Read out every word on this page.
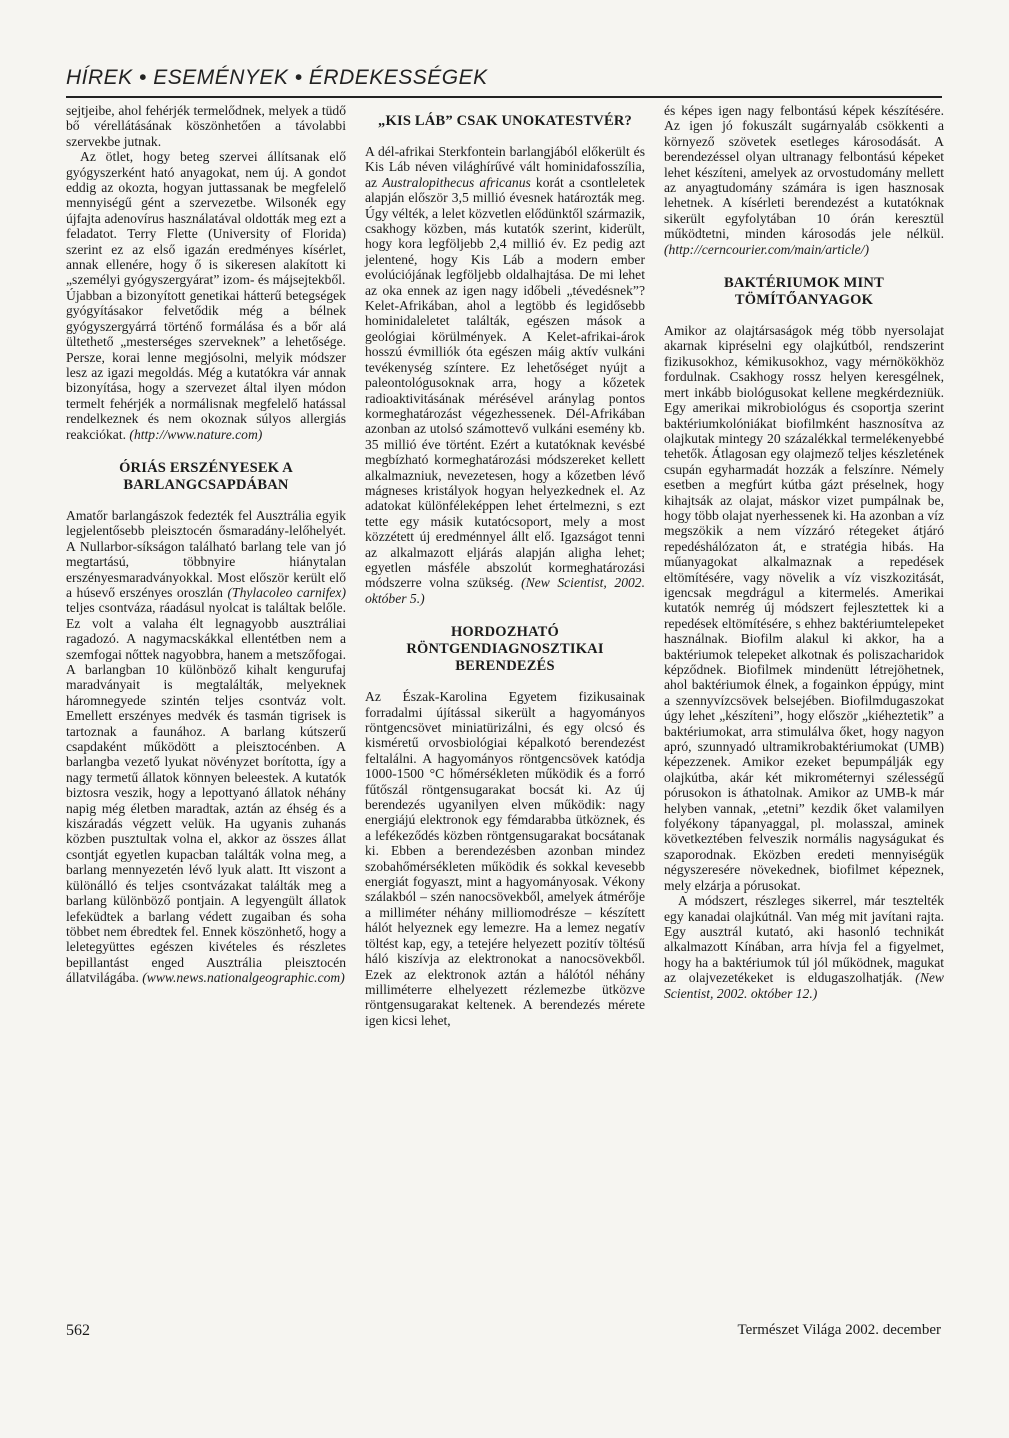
HÍREK • ESEMÉNYEK • ÉRDEKESSÉGEK

sejtjeibe, ahol fehérjék termelődnek, melyek a tüdő bő vérellátásának köszönhetően a távolabbi szervekbe jutnak.

Az ötlet, hogy beteg szervei állítsanak elő gyógyszerként ható anyagokat, nem új. A gondot eddig az okozta, hogyan juttassanak be megfelelő mennyiségű gént a szervezetbe. Wilsonék egy újfajta adenovírus használatával oldották meg ezt a feladatot. Terry Flette (University of Florida) szerint ez az első igazán eredményes kísérlet, annak ellenére, hogy ő is sikeresen alakított ki „személyi gyógyszergyárat” izom- és májsejtekből.

Újabban a bizonyított genetikai hátterű betegségek gyógyításakor felvetődik még a bélnek gyógyszergyárrá történő formálása és a bőr alá ültethető „mesterséges szerveknek” a lehetősége. Persze, korai lenne megjósolni, melyik módszer lesz az igazi megoldás. Még a kutatókra vár annak bizonyítása, hogy a szervezet által ilyen módon termelt fehérjék a normálisnak megfelelő hatással rendelkeznek és nem okoznak súlyos allergiás reakciókat. (http://www.nature.com)

ÓRIÁS ERSZÉNYESEK A BARLANGCSAPDÁBAN

Amatőr barlangászok fedezték fel Ausztrália egyik legjelentősebb pleisztocén ősmaradány-lelőhelyét. A Nullarbor-síkságon található barlang tele van jó megtartású, többnyire hiánytalan erszényesmaradványokkal. Most először került elő a húsevő erszényes oroszlán (Thylacoleo carnifex) teljes csontváza, ráadásul nyolcat is találtak belőle. Ez volt a valaha élt legnagyobb ausztráliai ragadozó. A nagymacskákkal ellentétben nem a szemfogai nőttek nagyobbra, hanem a metszőfogai. A barlangban 10 különböző kihalt kengurufaj maradványait is megtalálták, melyeknek háromnegyede szintén teljes csontváz volt. Emellett erszényes medvék és tasmán tigrisek is tartoznak a faunához. A barlang kútszerű csapdaként működött a pleisztocénben. A barlangba vezető lyukat növényzet borította, így a nagy termetű állatok könnyen beleestek. A kutatók biztosra veszik, hogy a lepottyanó állatok néhány napig még életben maradtak, aztán az éhség és a kiszáradás végzett velük. Ha ugyanis zuhanás közben pusztultak volna el, akkor az összes állat csontját egyetlen kupacban találták volna meg, a barlang mennyezetén lévő lyuk alatt. Itt viszont a különálló és teljes csontvázakat találták meg a barlang különböző pontjain. A legyengült állatok lefeküdtek a barlang védett zugaiban és soha többet nem ébredtek fel. Ennek köszönhető, hogy a leletegyüttes egészen kivételes és részletes bepillantást enged Ausztrália pleisztocén állatvilágába. (www.news.nationalgeographic.com)

„KIS LÁB” CSAK UNOKATESTVÉR?

A dél-afrikai Sterkfontein barlangjából előkerült és Kis Láb néven világhírűvé vált hominidafosszília, az Australopithecus africanus korát a csontleletek alapján először 3,5 millió évesnek határozták meg. Úgy vélték, a lelet közvetlen elődünktől származik, csakhogy közben, más kutatók szerint, kiderült, hogy kora legföljebb 2,4 millió év. Ez pedig azt jelentené, hogy Kis Láb a modern ember evolúciójának legföljebb oldalhajtása. De mi lehet az oka ennek az igen nagy időbeli „tévedésnek”? Kelet-Afrikában, ahol a legtöbb és legidősebb hominidaleletet találták, egészen mások a geológiai körülmények. A Kelet-afrikai-árok hosszú évmilliók óta egészen máig aktív vulkáni tevékenység színtere. Ez lehetőséget nyújt a paleontológusoknak arra, hogy a kőzetek radioaktivitásának mérésével aránylag pontos kormeghatározást végezhessenek. Dél-Afrikában azonban az utolsó számottevő vulkáni esemény kb. 35 millió éve történt. Ezért a kutatóknak kevésbé megbízható kormeghatározási módszereket kellett alkalmazniuk, nevezetesen, hogy a kőzetben lévő mágneses kristályok hogyan helyezkednek el. Az adatokat különféleképpen lehet értelmezni, s ezt tette egy másik kutatócsoport, mely a most közzétett új eredménnyel állt elő. Igazságot tenni az alkalmazott eljárás alapján aligha lehet; egyetlen másféle abszolút kormeghatározási módszerre volna szükség. (New Scientist, 2002. október 5.)

HORDOZHATÓ RÖNTGENDIAGNOSZTIKAI BERENDEZÉS

Az Észak-Karolina Egyetem fizikusainak forradalmi újítással sikerült a hagyományos röntgencsövet miniatürizálni, és egy olcsó és kisméretű orvosbiológiai képalkotó berendezést feltalálni. A hagyományos röntgencsövek katódja 1000-1500 °C hőmérsékleten működik és a forró fűtőszál röntgensugarakat bocsát ki. Az új berendezés ugyanilyen elven működik: nagy energiájú elektronok egy fémdarabba ütköznek, és a lefékeződés közben röntgensugarakat bocsátanak ki. Ebben a berendezésben azonban mindez szobahőmérsékleten működik és sokkal kevesebb energiát fogyaszt, mint a hagyományosak. Vékony szálakból – szén nanocsövekből, amelyek átmérője a milliméter néhány milliomodrésze – készített hálót helyeznek egy lemezre. Ha a lemez negatív töltést kap, egy, a tetejére helyezett pozitív töltésű háló kiszívja az elektronokat a nanocsövekből. Ezek az elektronok aztán a hálótól néhány milliméterre elhelyezett rézlemezbe ütközve röntgensugarakat keltenek. A berendezés mérete igen kicsi lehet,

és képes igen nagy felbontású képek készítésére. Az igen jó fokuszált sugárnyaláb csökkenti a környező szövetek esetleges károsodását. A berendezéssel olyan ultranagy felbontású képeket lehet készíteni, amelyek az orvostudomány mellett az anyagtudomány számára is igen hasznosak lehetnek. A kísérleti berendezést a kutatóknak sikerült egyfolytában 10 órán keresztül működtetni, minden károsodás jele nélkül. (http://cerncourier.com/main/article/)

BAKTÉRIUMOK MINT TÖMÍTŐANYAGOK

Amikor az olajtársaságok még több nyersolajat akarnak kipréselni egy olajkútból, rendszerint fizikusokhoz, kémikusokhoz, vagy mérnökökhöz fordulnak. Csakhogy rossz helyen keresgélnek, mert inkább biológusokat kellene megkérdezniük. Egy amerikai mikrobiológus és csoportja szerint baktériumkolóniákat biofilmként hasznosítva az olajkutak mintegy 20 százalékkal termelékenyebbé tehetők. Átlagosan egy olajmező teljes készletének csupán egyharmadát hozzák a felszínre. Némely esetben a megfúrt kútba gázt préselnek, hogy kihajtsák az olajat, máskor vizet pumpálnak be, hogy több olajat nyerhessenek ki. Ha azonban a víz megszökik a nem vízzáró rétegeket átjáró repedéshálózaton át, e stratégia hibás. Ha műanyagokat alkalmaznak a repedések eltömítésére, vagy növelik a víz viszkozitását, igencsak megdrágul a kitermelés. Amerikai kutatók nemrég új módszert fejlesztettek ki a repedések eltömítésére, s ehhez baktériumtelepeket használnak. Biofilm alakul ki akkor, ha a baktériumok telepeket alkotnak és poliszacharidok képződnek. Biofilmek mindenütt létrejöhetnek, ahol baktériumok élnek, a fogainkon éppúgy, mint a szennyvízcsövek belsejében. Biofilmdugaszokat úgy lehet „készíteni”, hogy először „kiéheztetik” a baktériumokat, arra stimulálva őket, hogy nagyon apró, szunnyadó ultramikrobaktériumokat (UMB) képezzenek. Amikor ezeket bepumpálják egy olajkútba, akár két mikrométernyi szélességű pórusokon is áthatolnak. Amikor az UMB-k már helyben vannak, „etetni” kezdik őket valamilyen folyékony tápanyaggal, pl. molasszal, aminek következtében felveszik normális nagyságukat és szaporodnak. Eközben eredeti mennyiségük négyszeresére növekednek, biofilmet képeznek, mely elzárja a pórusokat.

A módszert, részleges sikerrel, már tesztelték egy kanadai olajkútnál. Van még mit javítani rajta. Egy ausztrál kutató, aki hasonló technikát alkalmazott Kínában, arra hívja fel a figyelmet, hogy ha a baktériumok túl jól működnek, magukat az olajvezetékeket is eldugaszolhatják. (New Scientist, 2002. október 12.)

562	Természet Világa 2002. december
